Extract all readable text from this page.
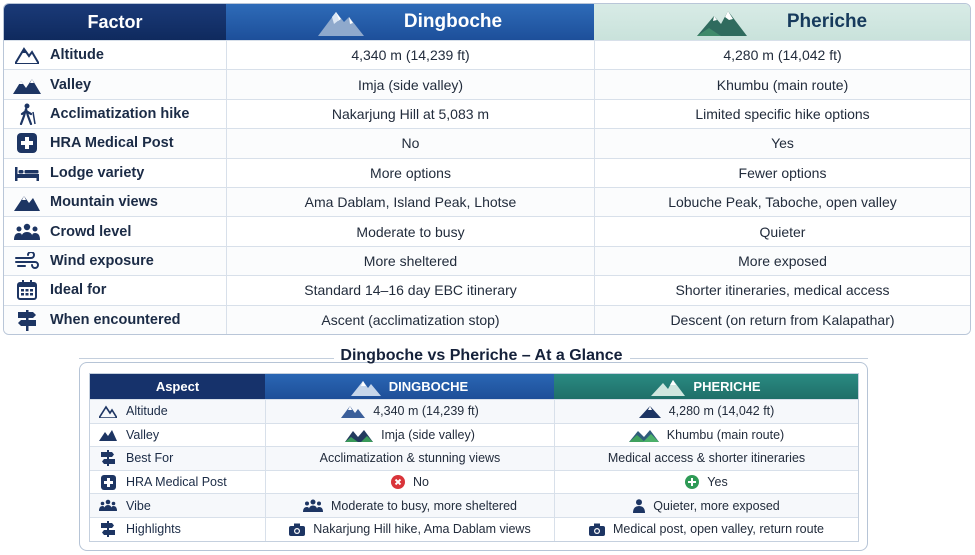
Factor	Dingboche	Pheriche
Altitude	4,340 m (14,239 ft)	4,280 m (14,042 ft)
Valley	Imja (side valley)	Khumbu (main route)
Acclimatization hike	Nakarjung Hill at 5,083 m	Limited specific hike options
HRA Medical Post	No	Yes
Lodge variety	More options	Fewer options
Mountain views	Ama Dablam, Island Peak, Lhotse	Lobuche Peak, Taboche, open valley
Crowd level	Moderate to busy	Quieter
Wind exposure	More sheltered	More exposed
Ideal for	Standard 14–16 day EBC itinerary	Shorter itineraries, medical access
When encountered	Ascent (acclimatization stop)	Descent (on return from Kalapathar)
Aspect	DINGBOCHE	PHERICHE
Altitude	4,340 m (14,239 ft)	4,280 m (14,042 ft)
Valley	Imja (side valley)	Khumbu (main route)
Best For	Acclimatization & stunning views	Medical access & shorter itineraries
HRA Medical Post	No	Yes
Vibe	Moderate to busy, more sheltered	Quieter, more exposed
Highlights	Nakarjung Hill hike, Ama Dablam views	Medical post, open valley, return route
Dingboche vs Pheriche – At a Glance
